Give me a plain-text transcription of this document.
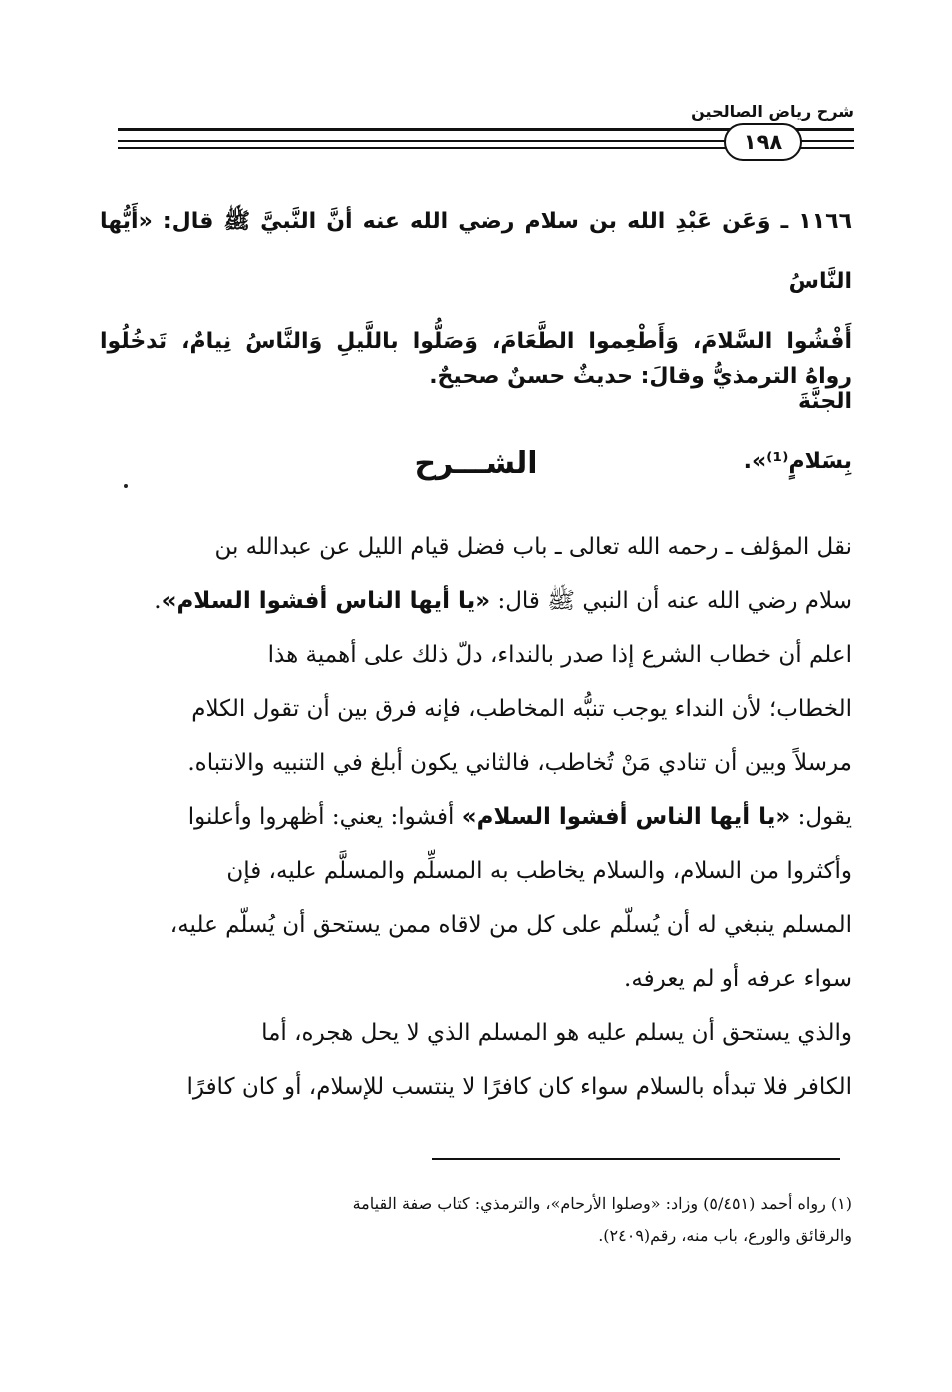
شرح رياض الصالحين
١٩٨

١١٦٦ ـ وَعَن عَبْدِ الله بن سلام رضي الله عنه أنَّ النَّبيَّ ﷺ قال: «أَيُّها النَّاسُ

أَفْشُوا السَّلامَ، وَأَطْعِموا الطَّعَامَ، وَصَلُّوا باللَّيلِ وَالنَّاسُ نِيامٌ، تَدخُلُوا الجنَّةَ

بِسَلامٍ⁽¹⁾».

رواهُ الترمذيُّ وقالَ: حديثٌ حسنٌ صحيحٌ.
الشـــرح

نقل المؤلف ـ رحمه الله تعالى ـ باب فضل قيام الليل عن عبدالله بن
سلام رضي الله عنه أن النبي ﷺ قال: «يا أيها الناس أفشوا السلام».

اعلم أن خطاب الشرع إذا صدر بالنداء، دلّ ذلك على أهمية هذا
الخطاب؛ لأن النداء يوجب تنبُّه المخاطب، فإنه فرق بين أن تقول الكلام
مرسلاً وبين أن تنادي مَنْ تُخاطب، فالثاني يكون أبلغ في التنبيه والانتباه.

يقول: «يا أيها الناس أفشوا السلام» أفشوا: يعني: أظهروا وأعلنوا
وأكثروا من السلام، والسلام يخاطب به المسلِّم والمسلَّم عليه، فإن
المسلم ينبغي له أن يُسلّم على كل من لاقاه ممن يستحق أن يُسلّم عليه،
سواء عرفه أو لم يعرفه.

والذي يستحق أن يسلم عليه هو المسلم الذي لا يحل هجره، أما
الكافر فلا تبدأه بالسلام سواء كان كافرًا لا ينتسب للإسلام، أو كان كافرًا

(١) رواه أحمد (٥/٤٥١) وزاد: «وصلوا الأرحام»، والترمذي: كتاب صفة القيامة

والرقائق والورع، باب منه، رقم(٢٤٠٩).
